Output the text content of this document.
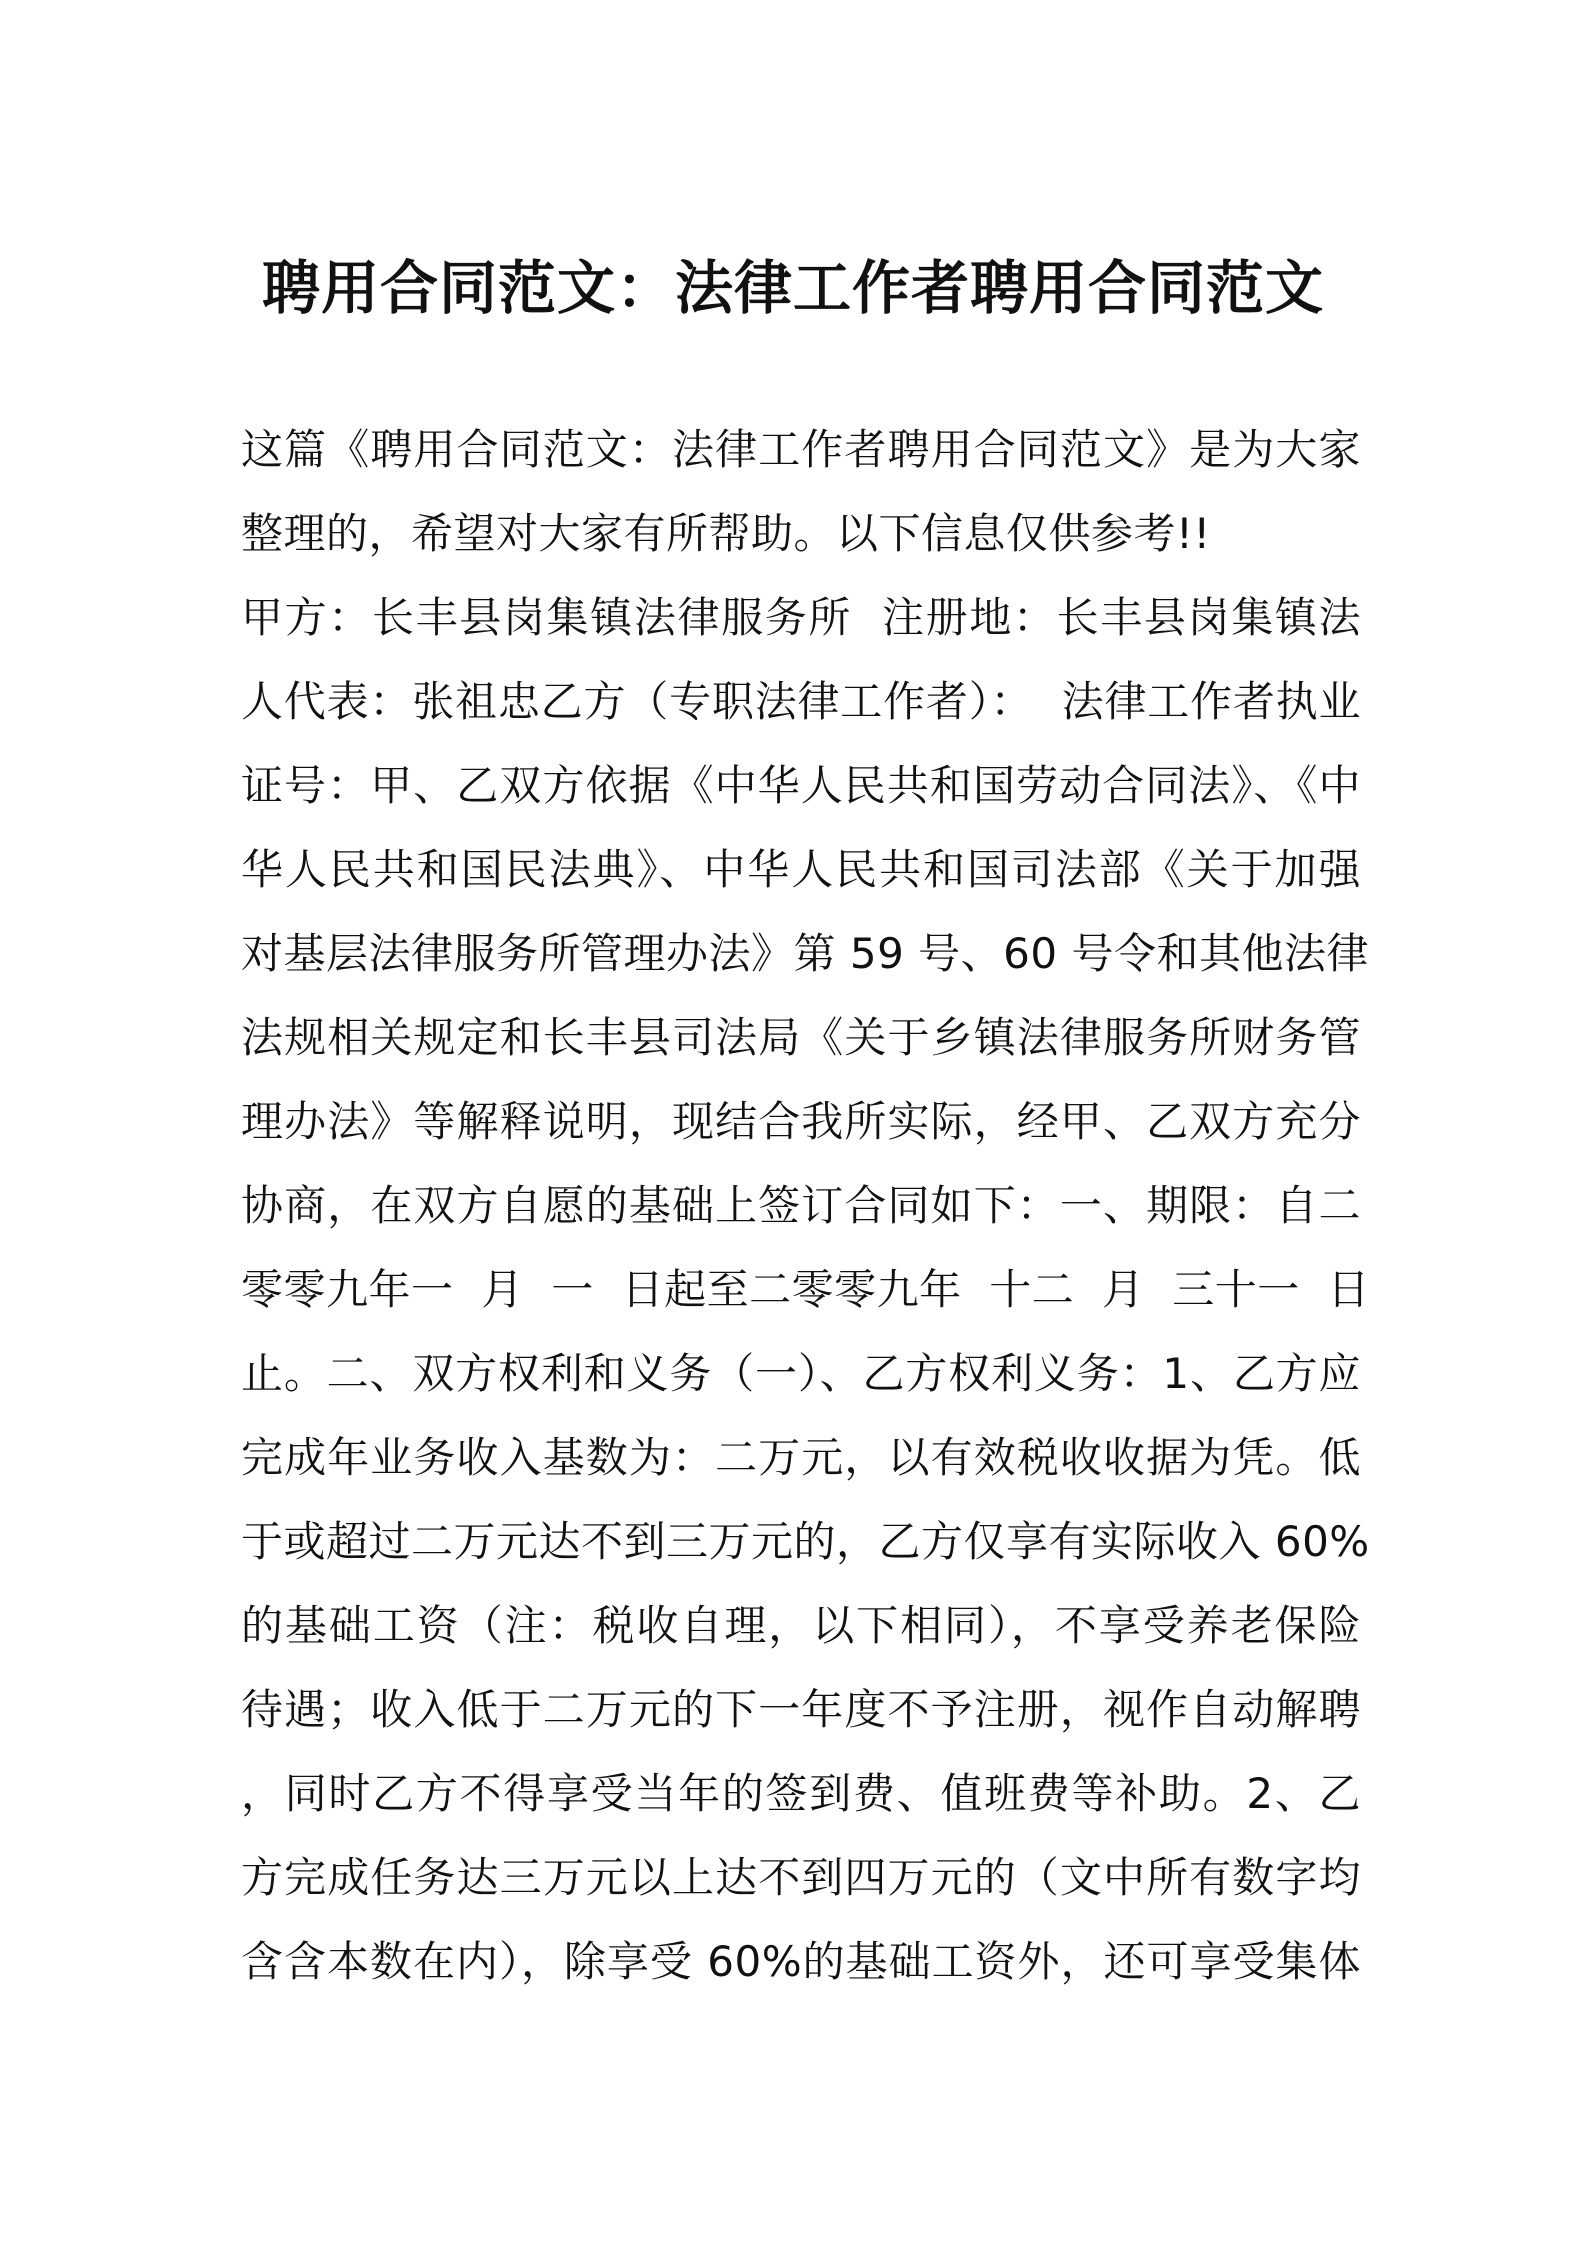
聘用合同范文：法律工作者聘用合同范文
这篇《聘用合同范文：法律工作者聘用合同范文》是为大家
整理的，希望对大家有所帮助。以下信息仅供参考!!
甲方：长丰县岗集镇法律服务所  注册地：长丰县岗集镇法
人代表：张祖忠乙方（专职法律工作者）：  法律工作者执业
证号：甲、乙双方依据《中华人民共和国劳动合同法》、《中
华人民共和国民法典》、中华人民共和国司法部《关于加强
对基层法律服务所管理办法》第 59 号、60 号令和其他法律
法规相关规定和长丰县司法局《关于乡镇法律服务所财务管
理办法》等解释说明，现结合我所实际，经甲、乙双方充分
协商，在双方自愿的基础上签订合同如下：一、期限：自二
零零九年一  月  一  日起至二零零九年  十二  月  三十一  日
止。二、双方权利和义务（一）、乙方权利义务：1、乙方应
完成年业务收入基数为：二万元，以有效税收收据为凭。低
于或超过二万元达不到三万元的，乙方仅享有实际收入 60%
的基础工资（注：税收自理，以下相同），不享受养老保险
待遇；收入低于二万元的下一年度不予注册，视作自动解聘
，同时乙方不得享受当年的签到费、值班费等补助。2、乙
方完成任务达三万元以上达不到四万元的（文中所有数字均
含含本数在内），除享受 60%的基础工资外，还可享受集体
